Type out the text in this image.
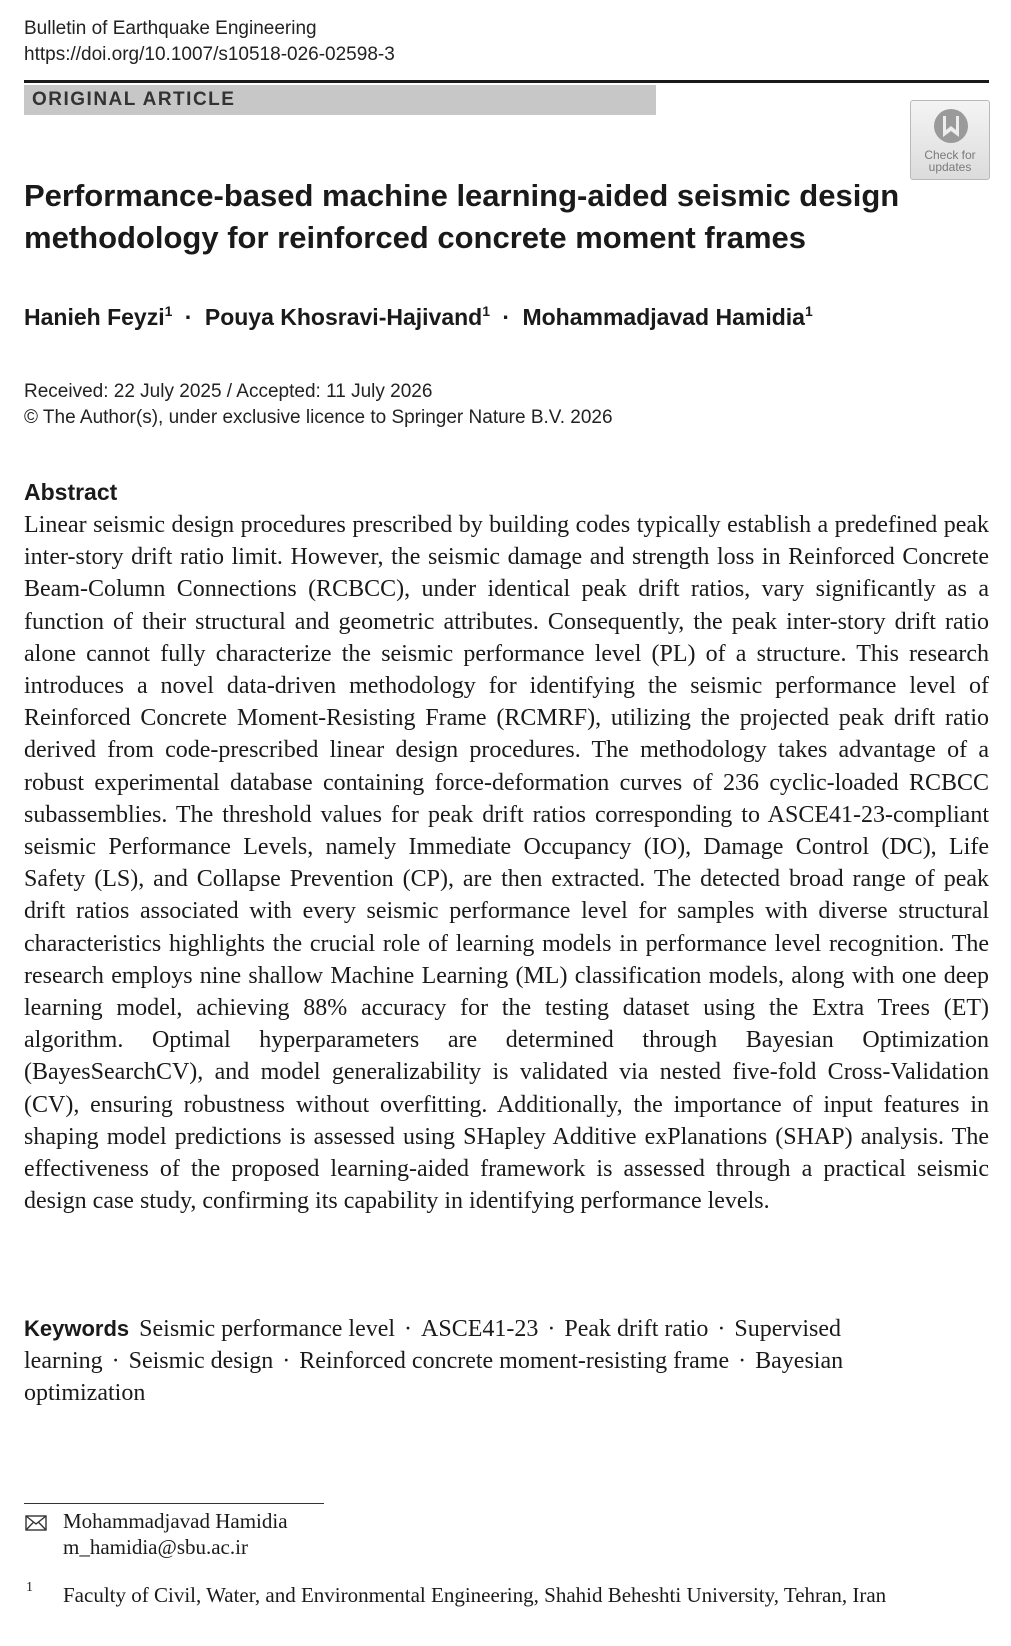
Bulletin of Earthquake Engineering
https://doi.org/10.1007/s10518-026-02598-3
ORIGINAL ARTICLE
Check for
updates
Performance-based machine learning-aided seismic design
methodology for reinforced concrete moment frames
Hanieh Feyzi$^1$ · Pouya Khosravi-Hajivand$^1$ · Mohammadjavad Hamidia$^1$
Received: 22 July 2025 / Accepted: 11 July 2026
© The Author(s), under exclusive licence to Springer Nature B.V. 2026
Abstract

Linear seismic design procedures prescribed by building codes typically establish a predefined peak inter-story drift ratio limit. However, the seismic damage and strength loss in Reinforced Concrete Beam-Column Connections (RCBCC), under identical peak drift ratios, vary significantly as a function of their structural and geometric attributes. Consequently, the peak inter-story drift ratio alone cannot fully characterize the seismic performance level (PL) of a structure. This research introduces a novel data-driven methodology for identifying the seismic performance level of Reinforced Concrete Moment-Resisting Frame (RCMRF), utilizing the projected peak drift ratio derived from code-prescribed linear design procedures. The methodology takes advantage of a robust experimental database containing force-deformation curves of 236 cyclic-loaded RCBCC subassemblies. The threshold values for peak drift ratios corresponding to ASCE41-23-compliant seismic Performance Levels, namely Immediate Occupancy (IO), Damage Control (DC), Life Safety (LS), and Collapse Prevention (CP), are then extracted. The detected broad range of peak drift ratios associated with every seismic performance level for samples with diverse structural characteristics highlights the crucial role of learning models in performance level recognition. The research employs nine shallow Machine Learning (ML) classification models, along with one deep learning model, achieving 88% accuracy for the testing dataset using the Extra Trees (ET) algorithm. Optimal hyperparameters are determined through Bayesian Optimization (BayesSearchCV), and model generalizability is validated via nested five-fold Cross-Validation (CV), ensuring robustness without overfitting. Additionally, the importance of input features in shaping model predictions is assessed using SHapley Additive exPlanations (SHAP) analysis. The effectiveness of the proposed learning-aided framework is assessed through a practical seismic design case study, confirming its capability in identifying performance levels.

Keywords Seismic performance level · ASCE41-23 · Peak drift ratio · Supervised learning · Seismic design · Reinforced concrete moment-resisting frame · Bayesian optimization
Mohammadjavad Hamidia
m_hamidia@sbu.ac.ir
1 Faculty of Civil, Water, and Environmental Engineering, Shahid Beheshti University, Tehran, Iran
